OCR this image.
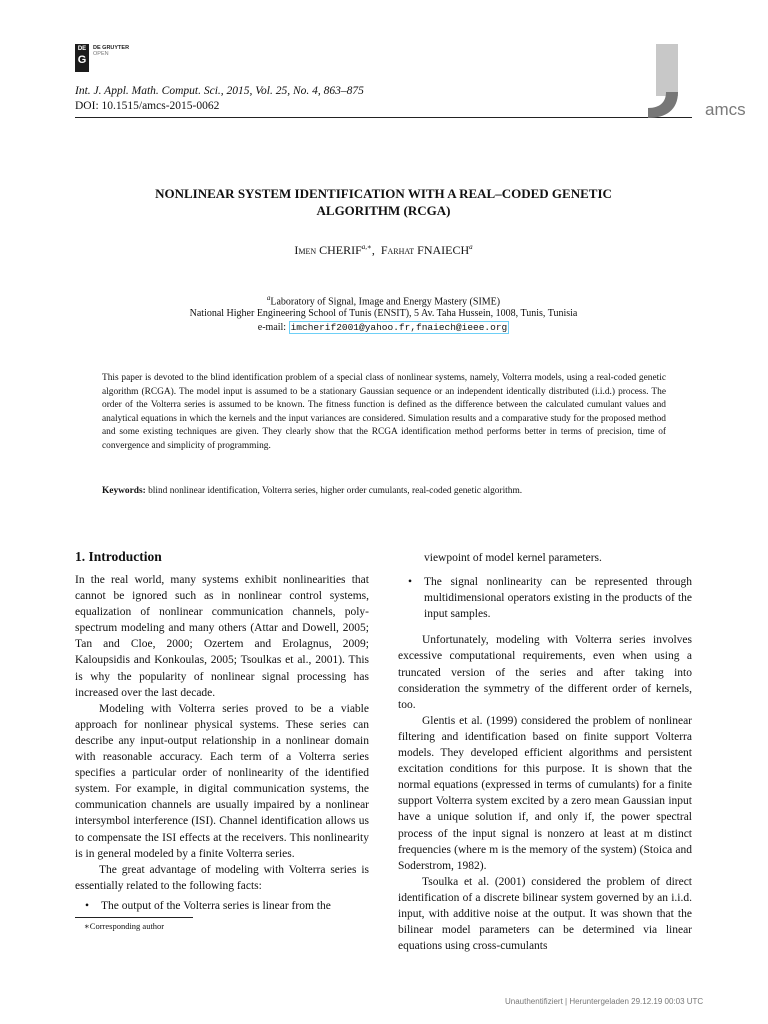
DE
G
DE GRUYTER
OPEN
Int. J. Appl. Math. Comput. Sci., 2015, Vol. 25, No. 4, 863–875
DOI: 10.1515/amcs-2015-0062	amcs
NONLINEAR SYSTEM IDENTIFICATION WITH A REAL–CODED GENETIC
ALGORITHM (RCGA)
Imen $CHERIF^{a,∗}$,  Farhat FNAIECH$^a$
$^a$Laboratory of Signal, Image and Energy Mastery (SIME)
National Higher Engineering School of Tunis (ENSIT), 5 Av. Taha Hussein, 1008, Tunis, Tunisia
e-mail: imcherif2001@yahoo.fr,fnaiech@ieee.org
This paper is devoted to the blind identification problem of a special class of nonlinear systems, namely, Volterra models, using a real-coded genetic algorithm (RCGA). The model input is assumed to be a stationary Gaussian sequence or an independent identically distributed (i.i.d.) process. The order of the Volterra series is assumed to be known. The fitness function is defined as the difference between the calculated cumulant values and analytical equations in which the kernels and the input variances are considered. Simulation results and a comparative study for the proposed method and some existing techniques are given. They clearly show that the RCGA identification method performs better in terms of precision, time of convergence and simplicity of programming.
Keywords: blind nonlinear identification, Volterra series, higher order cumulants, real-coded genetic algorithm.
1. Introduction

In the real world, many systems exhibit nonlinearities that cannot be ignored such as in nonlinear control systems, equalization of nonlinear communication channels, poly-spectrum modeling and many others (Attar and Dowell, 2005; Tan and Cloe, 2000; Ozertem and Erolagnus, 2009; Kaloupsidis and Konkoulas, 2005; Tsoulkas et al., 2001). This is why the popularity of nonlinear signal processing has increased over the last decade.

Modeling with Volterra series proved to be a viable approach for nonlinear physical systems. These series can describe any input-output relationship in a nonlinear domain with reasonable accuracy. Each term of a Volterra series specifies a particular order of nonlinearity of the identified system. For example, in digital communication systems, the communication channels are usually impaired by a nonlinear intersymbol interference (ISI). Channel identification allows us to compensate the ISI effects at the receivers. This nonlinearity is in general modeled by a finite Volterra series.

The great advantage of modeling with Volterra series is essentially related to the following facts:

• The output of the Volterra series is linear from the

∗Corresponding author

viewpoint of model kernel parameters.

• The signal nonlinearity can be represented through multidimensional operators existing in the products of the input samples.

Unfortunately, modeling with Volterra series involves excessive computational requirements, even when using a truncated version of the series and after taking into consideration the symmetry of the different order of kernels, too.

Glentis et al. (1999) considered the problem of nonlinear filtering and identification based on finite support Volterra models. They developed efficient algorithms and persistent excitation conditions for this purpose. It is shown that the normal equations (expressed in terms of cumulants) for a finite support Volterra system excited by a zero mean Gaussian input have a unique solution if, and only if, the power spectral process of the input signal is nonzero at least at m distinct frequencies (where m is the memory of the system) (Stoica and Soderstrom, 1982).

Tsoulka et al. (2001) considered the problem of direct identification of a discrete bilinear system governed by an i.i.d. input, with additive noise at the output. It was shown that the bilinear model parameters can be determined via linear equations using cross-cumulants

Unauthentifiziert | Heruntergeladen 29.12.19 00:03 UTC
